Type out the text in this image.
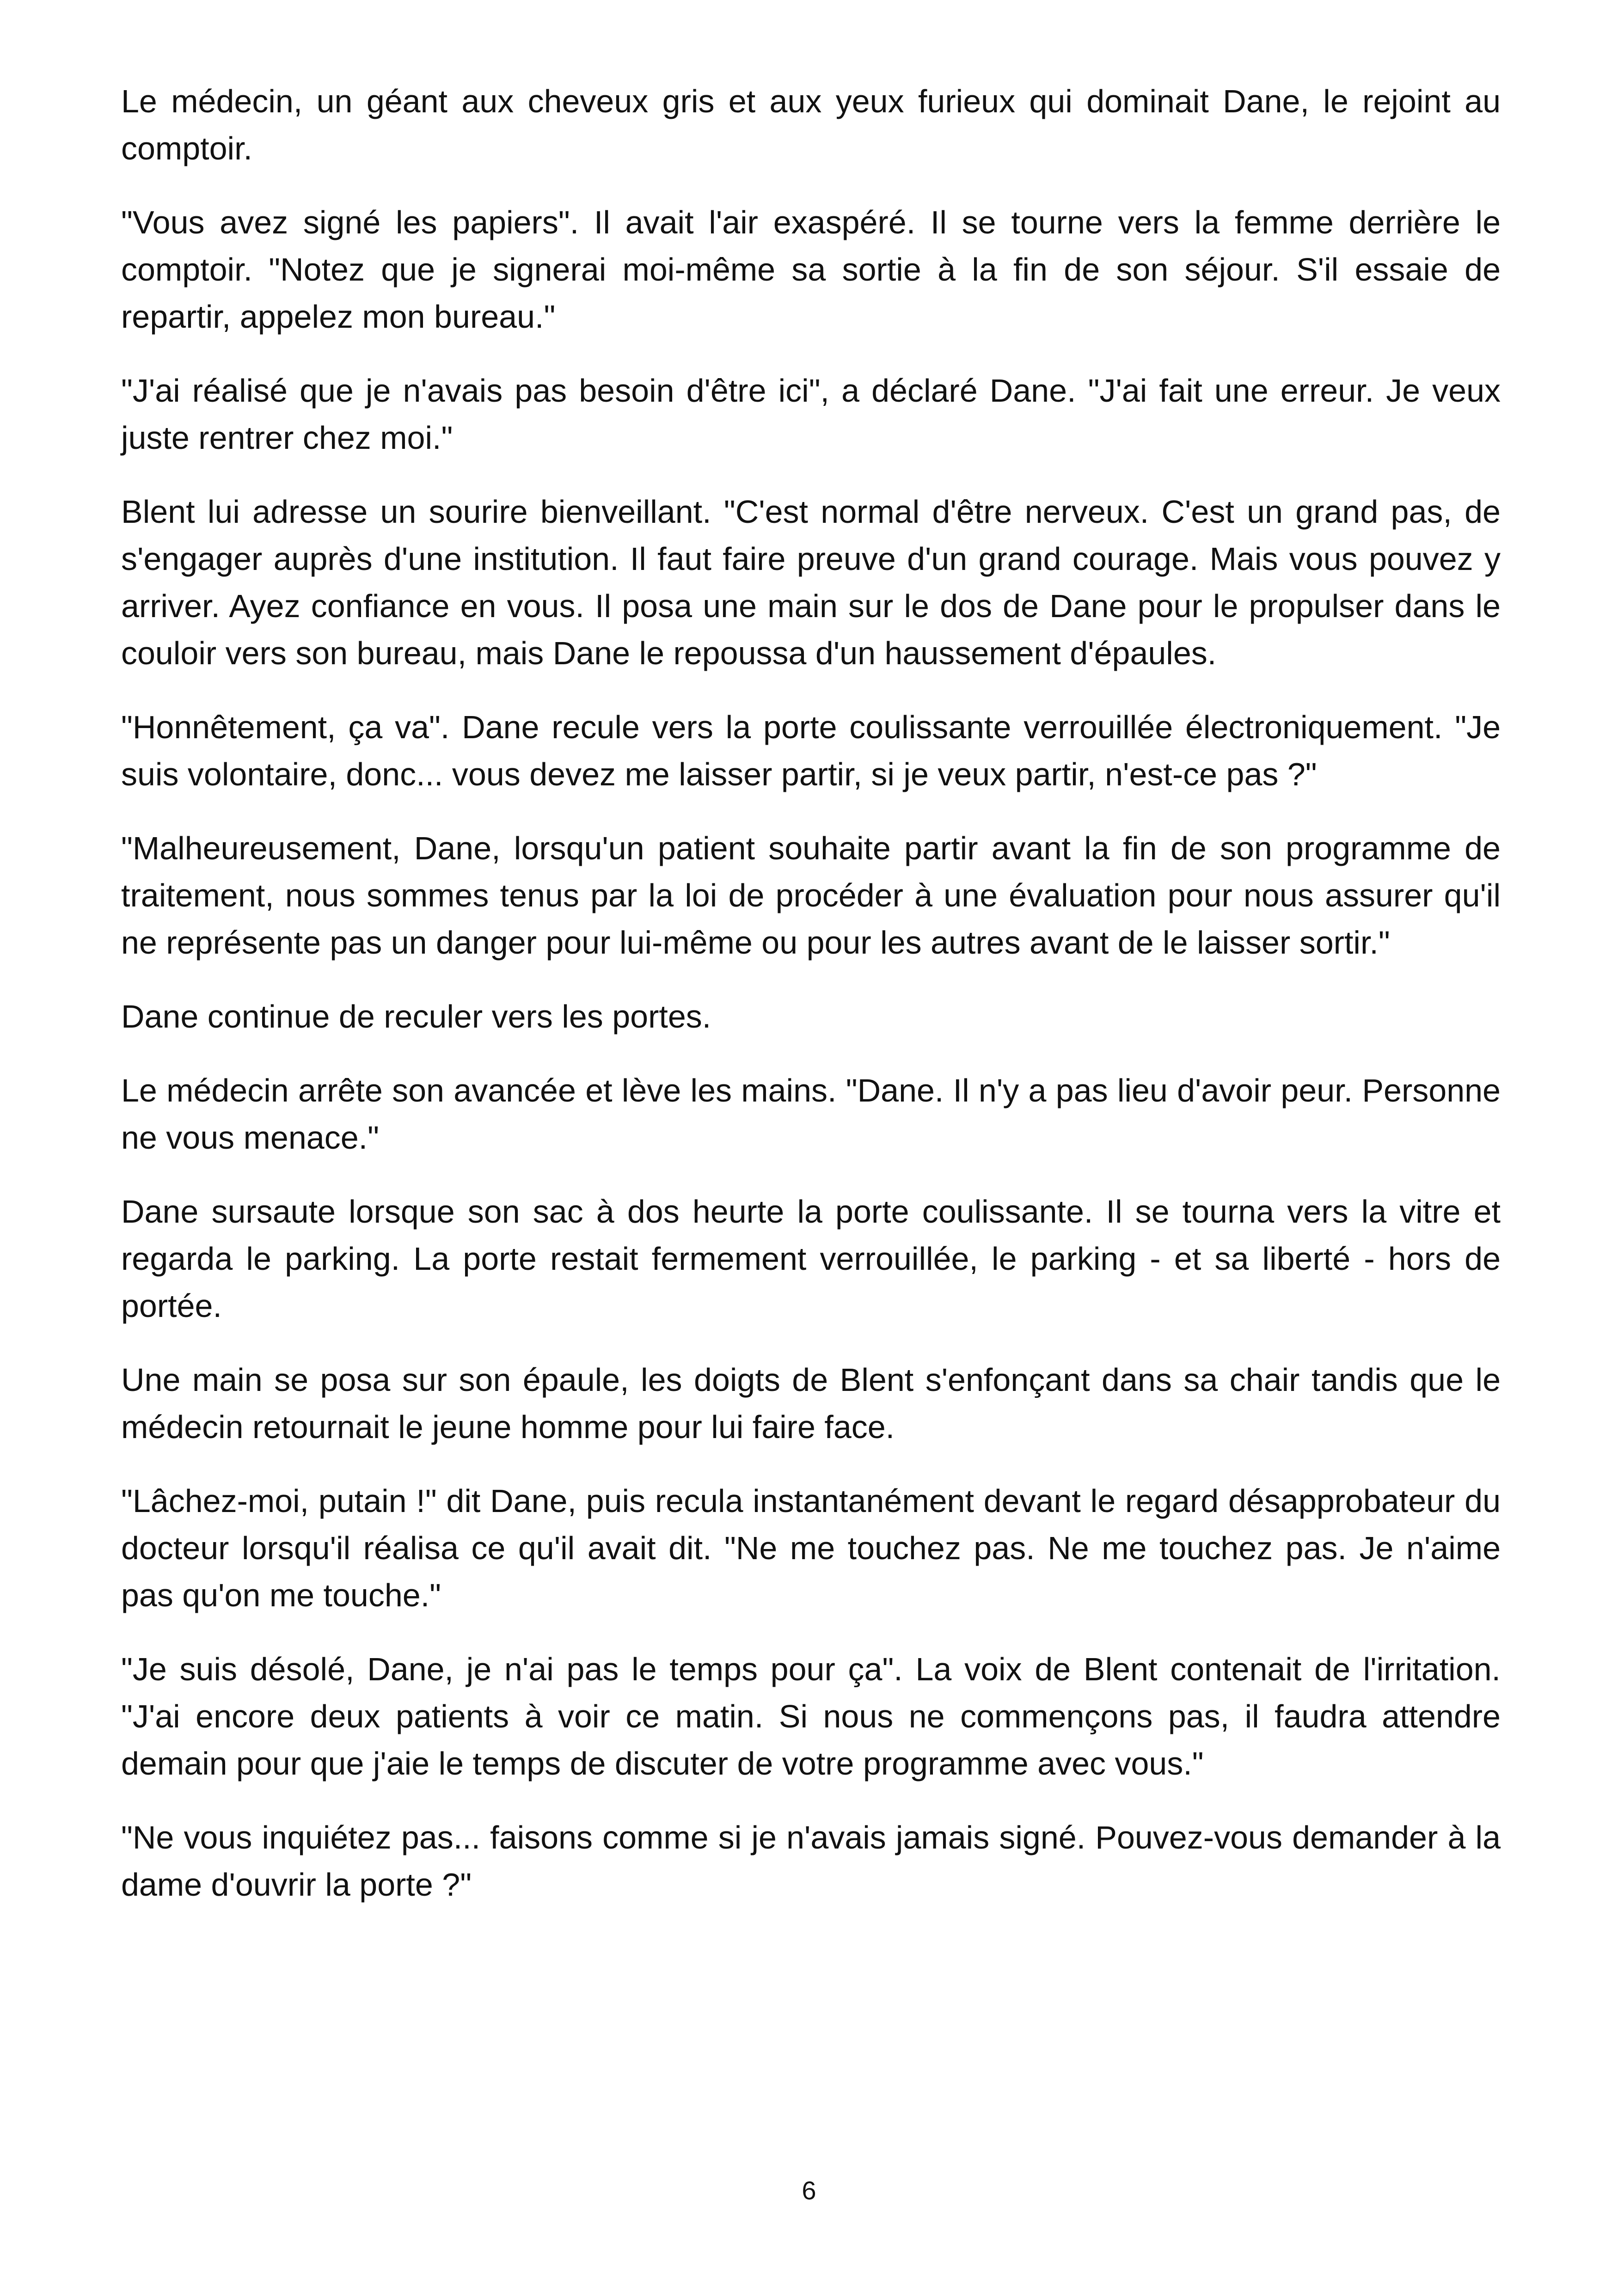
Le médecin, un géant aux cheveux gris et aux yeux furieux qui dominait Dane, le rejoint au comptoir.

"Vous avez signé les papiers". Il avait l'air exaspéré. Il se tourne vers la femme derrière le comptoir. "Notez que je signerai moi-même sa sortie à la fin de son séjour. S'il essaie de repartir, appelez mon bureau."

"J'ai réalisé que je n'avais pas besoin d'être ici", a déclaré Dane. "J'ai fait une erreur. Je veux juste rentrer chez moi."

Blent lui adresse un sourire bienveillant. "C'est normal d'être nerveux. C'est un grand pas, de s'engager auprès d'une institution. Il faut faire preuve d'un grand courage. Mais vous pouvez y arriver. Ayez confiance en vous. Il posa une main sur le dos de Dane pour le propulser dans le couloir vers son bureau, mais Dane le repoussa d'un haussement d'épaules.

"Honnêtement, ça va". Dane recule vers la porte coulissante verrouillée électroniquement. "Je suis volontaire, donc... vous devez me laisser partir, si je veux partir, n'est-ce pas ?"

"Malheureusement, Dane, lorsqu'un patient souhaite partir avant la fin de son programme de traitement, nous sommes tenus par la loi de procéder à une évaluation pour nous assurer qu'il ne représente pas un danger pour lui-même ou pour les autres avant de le laisser sortir."

Dane continue de reculer vers les portes.

Le médecin arrête son avancée et lève les mains. "Dane. Il n'y a pas lieu d'avoir peur. Personne ne vous menace."

Dane sursaute lorsque son sac à dos heurte la porte coulissante. Il se tourna vers la vitre et regarda le parking. La porte restait fermement verrouillée, le parking - et sa liberté - hors de portée.

Une main se posa sur son épaule, les doigts de Blent s'enfonçant dans sa chair tandis que le médecin retournait le jeune homme pour lui faire face.

"Lâchez-moi, putain !" dit Dane, puis recula instantanément devant le regard désapprobateur du docteur lorsqu'il réalisa ce qu'il avait dit. "Ne me touchez pas. Ne me touchez pas. Je n'aime pas qu'on me touche."

"Je suis désolé, Dane, je n'ai pas le temps pour ça". La voix de Blent contenait de l'irritation. "J'ai encore deux patients à voir ce matin. Si nous ne commençons pas, il faudra attendre demain pour que j'aie le temps de discuter de votre programme avec vous."

"Ne vous inquiétez pas... faisons comme si je n'avais jamais signé. Pouvez-vous demander à la dame d'ouvrir la porte ?"

6
